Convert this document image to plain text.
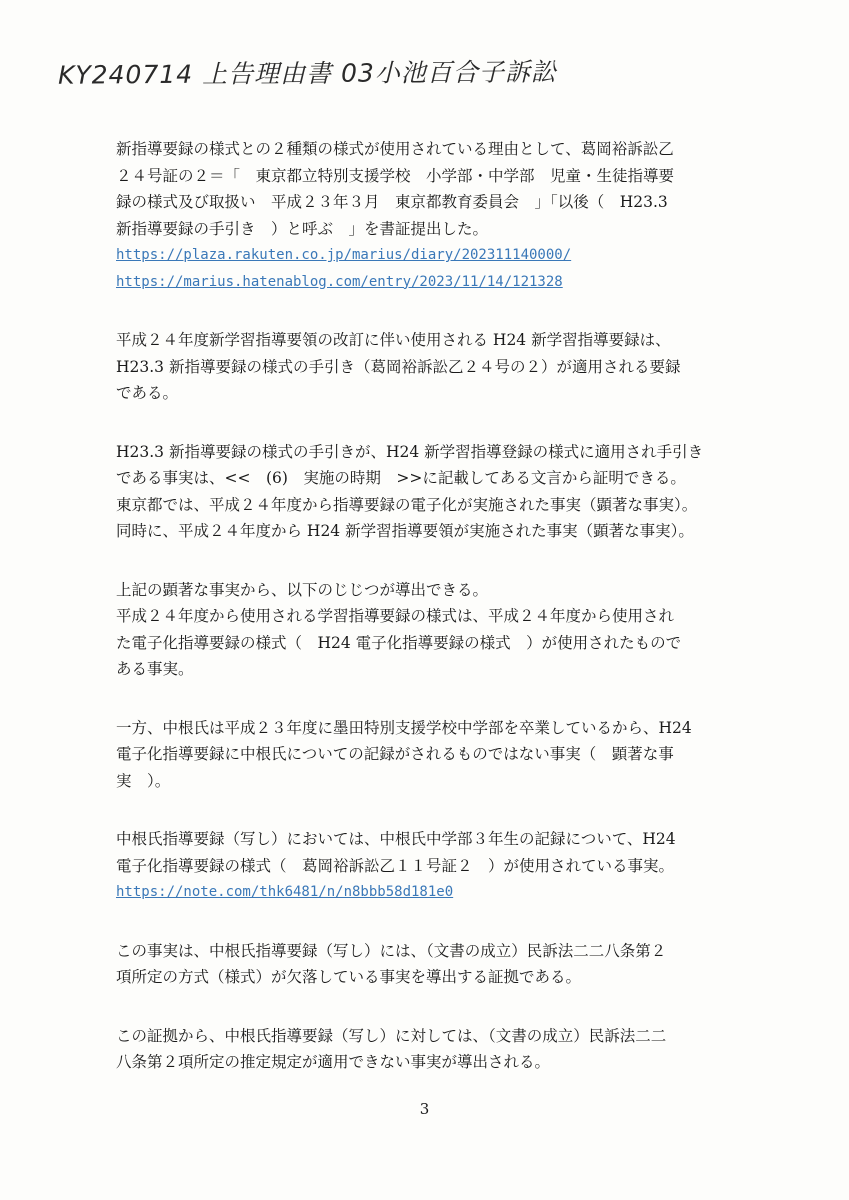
KY240714 上告理由書 03小池百合子訴訟
新指導要録の様式との２種類の様式が使用されている理由として、葛岡裕訴訟乙
２４号証の２＝「　東京都立特別支援学校　小学部・中学部　児童・生徒指導要
録の様式及び取扱い　平成２３年３月　東京都教育委員会　」「以後（　H23.3
新指導要録の手引き　）と呼ぶ　」を書証提出した。
https://plaza.rakuten.co.jp/marius/diary/202311140000/
https://marius.hatenablog.com/entry/2023/11/14/121328
平成２４年度新学習指導要領の改訂に伴い使用される H24 新学習指導要録は、
H23.3 新指導要録の様式の手引き（葛岡裕訴訟乙２４号の２）が適用される要録
である。
H23.3 新指導要録の様式の手引きが、H24 新学習指導登録の様式に適用され手引き
である事実は、<<　(6)　実施の時期　>>に記載してある文言から証明できる。
東京都では、平成２４年度から指導要録の電子化が実施された事実（顕著な事実）。
同時に、平成２４年度から H24 新学習指導要領が実施された事実（顕著な事実）。
上記の顕著な事実から、以下のじじつが導出できる。
平成２４年度から使用される学習指導要録の様式は、平成２４年度から使用され
た電子化指導要録の様式（　H24 電子化指導要録の様式　）が使用されたもので
ある事実。
一方、中根氏は平成２３年度に墨田特別支援学校中学部を卒業しているから、H24
電子化指導要録に中根氏についての記録がされるものではない事実（　顕著な事
実　）。
中根氏指導要録（写し）においては、中根氏中学部３年生の記録について、H24
電子化指導要録の様式（　葛岡裕訴訟乙１１号証２　）が使用されている事実。
https://note.com/thk6481/n/n8bbb58d181e0
この事実は、中根氏指導要録（写し）には、（文書の成立）民訴法二二八条第２
項所定の方式（様式）が欠落している事実を導出する証拠である。
この証拠から、中根氏指導要録（写し）に対しては、（文書の成立）民訴法二二
八条第２項所定の推定規定が適用できない事実が導出される。
3
